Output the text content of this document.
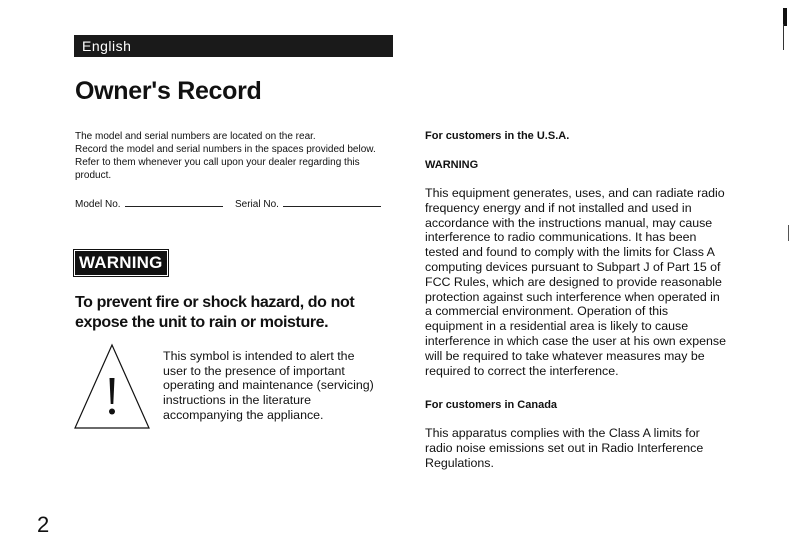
English
Owner's Record
The model and serial numbers are located on the rear.
Record the model and serial numbers in the spaces provided below.
Refer to them whenever you call upon your dealer regarding this
product.
Model No.	Serial No.
WARNING
To prevent fire or shock hazard, do not
expose the unit to rain or moisture.
This symbol is intended to alert the
user to the presence of important
operating and maintenance (servicing)
instructions in the literature
accompanying the appliance.

For customers in the U.S.A.

WARNING

This equipment generates, uses, and can radiate radio
frequency energy and if not installed and used in
accordance with the instructions manual, may cause
interference to radio communications. It has been
tested and found to comply with the limits for Class A
computing devices pursuant to Subpart J of Part 15 of
FCC Rules, which are designed to provide reasonable
protection against such interference when operated in
a commercial environment. Operation of this
equipment in a residential area is likely to cause
interference in which case the user at his own expense
will be required to take whatever measures may be
required to correct the interference.

For customers in Canada

This apparatus complies with the Class A limits for
radio noise emissions set out in Radio Interference
Regulations.
2
